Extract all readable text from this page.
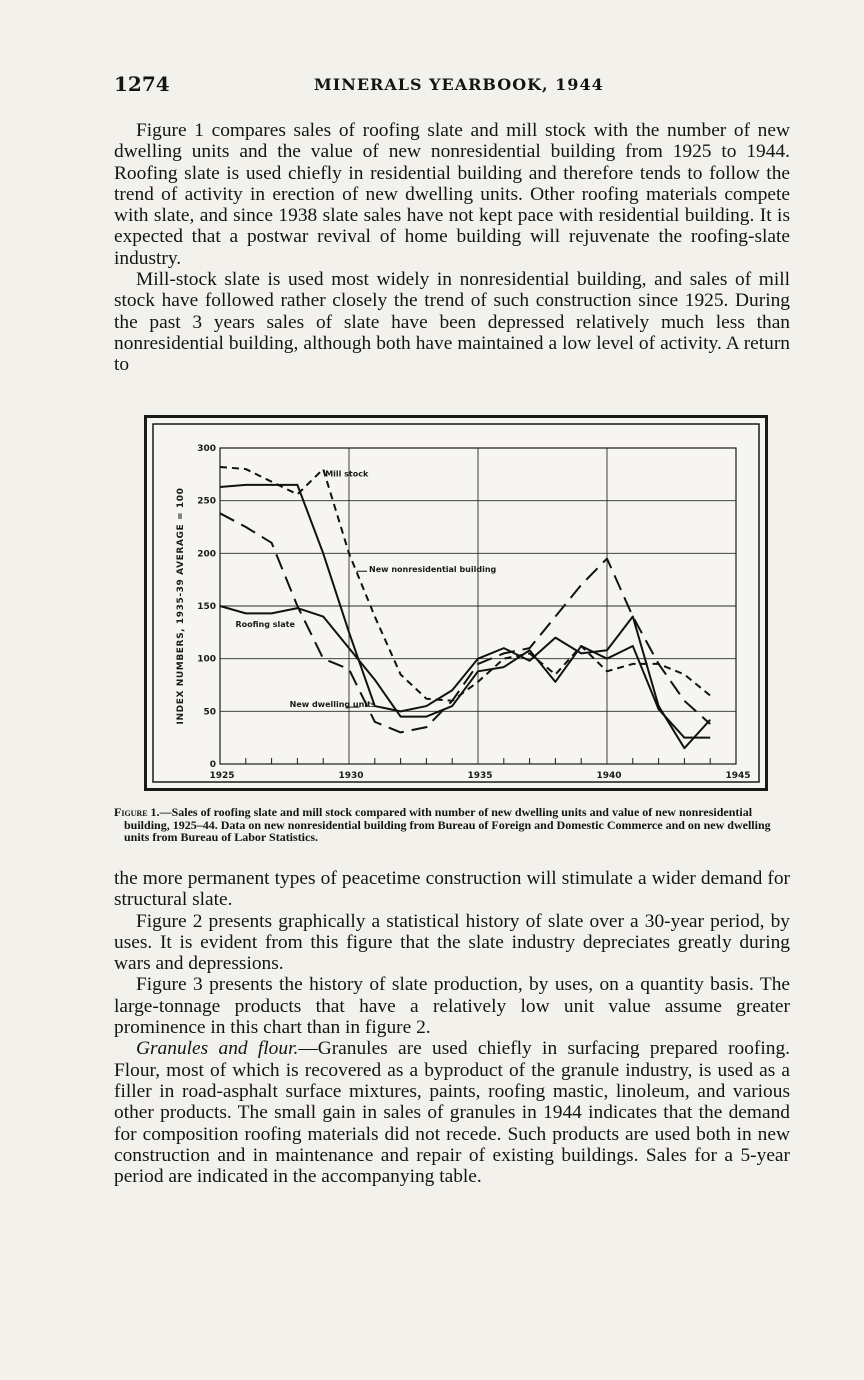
1274	MINERALS YEARBOOK, 1944

Figure 1 compares sales of roofing slate and mill stock with the number of new dwelling units and the value of new nonresidential building from 1925 to 1944. Roofing slate is used chiefly in residential building and therefore tends to follow the trend of activity in erection of new dwelling units. Other roofing materials compete with slate, and since 1938 slate sales have not kept pace with residential building. It is expected that a postwar revival of home building will rejuvenate the roofing-slate industry.

Mill-stock slate is used most widely in nonresidential building, and sales of mill stock have followed rather closely the trend of such construction since 1925. During the past 3 years sales of slate have been depressed relatively much less than nonresidential building, although both have maintained a low level of activity. A return to

0
50
100
150
200
250
300
1925	1930	1935	1940	1945
INDEX NUMBERS, 1935-39 AVERAGE = 100
Mill stock
New nonresidential building
Roofing slate
New dwelling units
Figure 1.—Sales of roofing slate and mill stock compared with number of new dwelling units and value of new nonresidential building, 1925–44. Data on new nonresidential building from Bureau of Foreign and Domestic Commerce and on new dwelling units from Bureau of Labor Statistics.

the more permanent types of peacetime construction will stimulate a wider demand for structural slate.

Figure 2 presents graphically a statistical history of slate over a 30-year period, by uses. It is evident from this figure that the slate industry depreciates greatly during wars and depressions.

Figure 3 presents the history of slate production, by uses, on a quantity basis. The large-tonnage products that have a relatively low unit value assume greater prominence in this chart than in figure 2.

Granules and flour.—Granules are used chiefly in surfacing prepared roofing. Flour, most of which is recovered as a byproduct of the granule industry, is used as a filler in road-asphalt surface mixtures, paints, roofing mastic, linoleum, and various other products. The small gain in sales of granules in 1944 indicates that the demand for composition roofing materials did not recede. Such products are used both in new construction and in maintenance and repair of existing buildings. Sales for a 5-year period are indicated in the accompanying table.
